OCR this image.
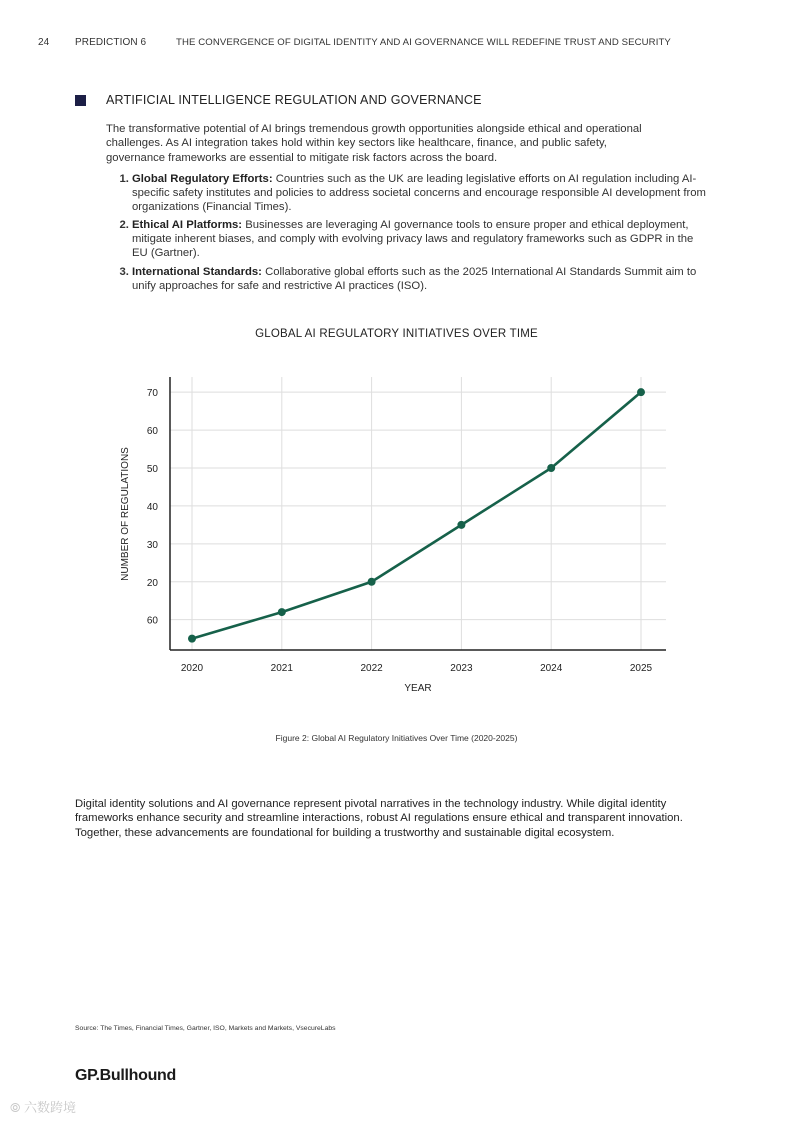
24	PREDICTION 6	THE CONVERGENCE OF DIGITAL IDENTITY AND AI GOVERNANCE WILL REDEFINE TRUST AND SECURITY
ARTIFICIAL INTELLIGENCE REGULATION AND GOVERNANCE
The transformative potential of AI brings tremendous growth opportunities alongside ethical and operational challenges. As AI integration takes hold within key sectors like healthcare, finance, and public safety, governance frameworks are essential to mitigate risk factors across the board.
1. Global Regulatory Efforts: Countries such as the UK are leading legislative efforts on AI regulation including AI-specific safety institutes and policies to address societal concerns and encourage responsible AI development from organizations (Financial Times).
2. Ethical AI Platforms: Businesses are leveraging AI governance tools to ensure proper and ethical deployment, mitigate inherent biases, and comply with evolving privacy laws and regulatory frameworks such as GDPR in the EU (Gartner).
3. International Standards: Collaborative global efforts such as the 2025 International AI Standards Summit aim to unify approaches for safe and restrictive AI practices (ISO).
GLOBAL AI REGULATORY INITIATIVES OVER TIME
60
20
30
40
50
60
70
2020	2021	2022	2023	2024	2025
YEAR
NUMBER OF REGULATIONS
Figure 2: Global AI Regulatory Initiatives Over Time (2020-2025)
Digital identity solutions and AI governance represent pivotal narratives in the technology industry. While digital identity frameworks enhance security and streamline interactions, robust AI regulations ensure ethical and transparent innovation. Together, these advancements are foundational for building a trustworthy and sustainable digital ecosystem.
Source: The Times, Financial Times, Gartner, ISO, Markets and Markets, VsecureLabs
GP.Bullhound
⦾ 六数跨境
